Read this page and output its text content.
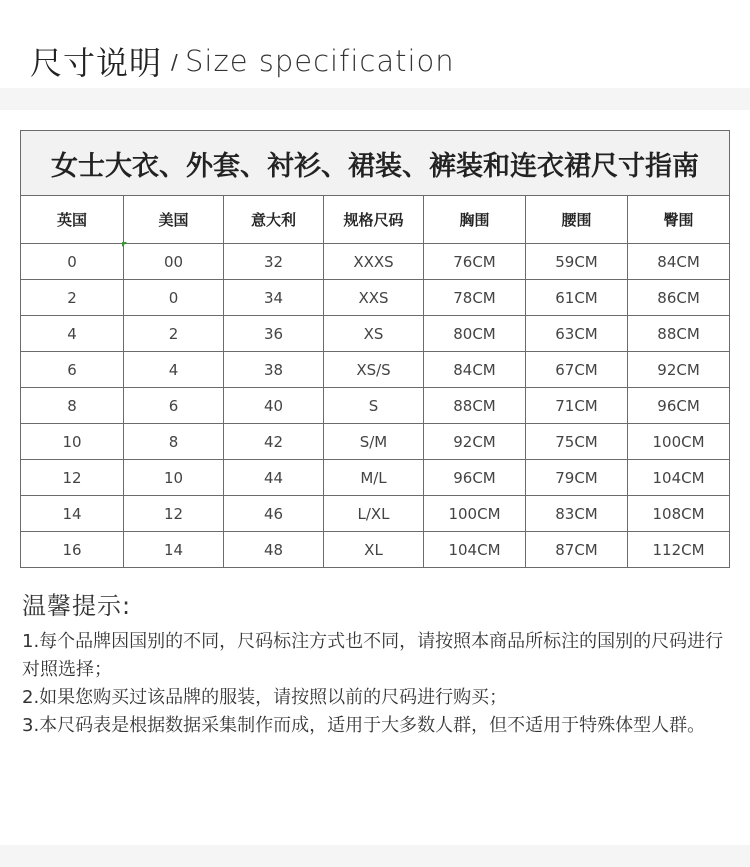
尺寸说明 / Size specification
女士大衣、外套、衬衫、裙装、裤装和连衣裙尺寸指南						
英国	美国	意大利	规格尺码	胸围	腰围	臀围
0	00	32	XXXS	76CM	59CM	84CM
2	0	34	XXS	78CM	61CM	86CM
4	2	36	XS	80CM	63CM	88CM
6	4	38	XS/S	84CM	67CM	92CM
8	6	40	S	88CM	71CM	96CM
10	8	42	S/M	92CM	75CM	100CM
12	10	44	M/L	96CM	79CM	104CM
14	12	46	L/XL	100CM	83CM	108CM
16	14	48	XL	104CM	87CM	112CM
温馨提示:

1.每个品牌因国别的不同，尺码标注方式也不同，请按照本商品所标注的国别的尺码进行对照选择；

2.如果您购买过该品牌的服装，请按照以前的尺码进行购买；

3.本尺码表是根据数据采集制作而成，适用于大多数人群，但不适用于特殊体型人群。
